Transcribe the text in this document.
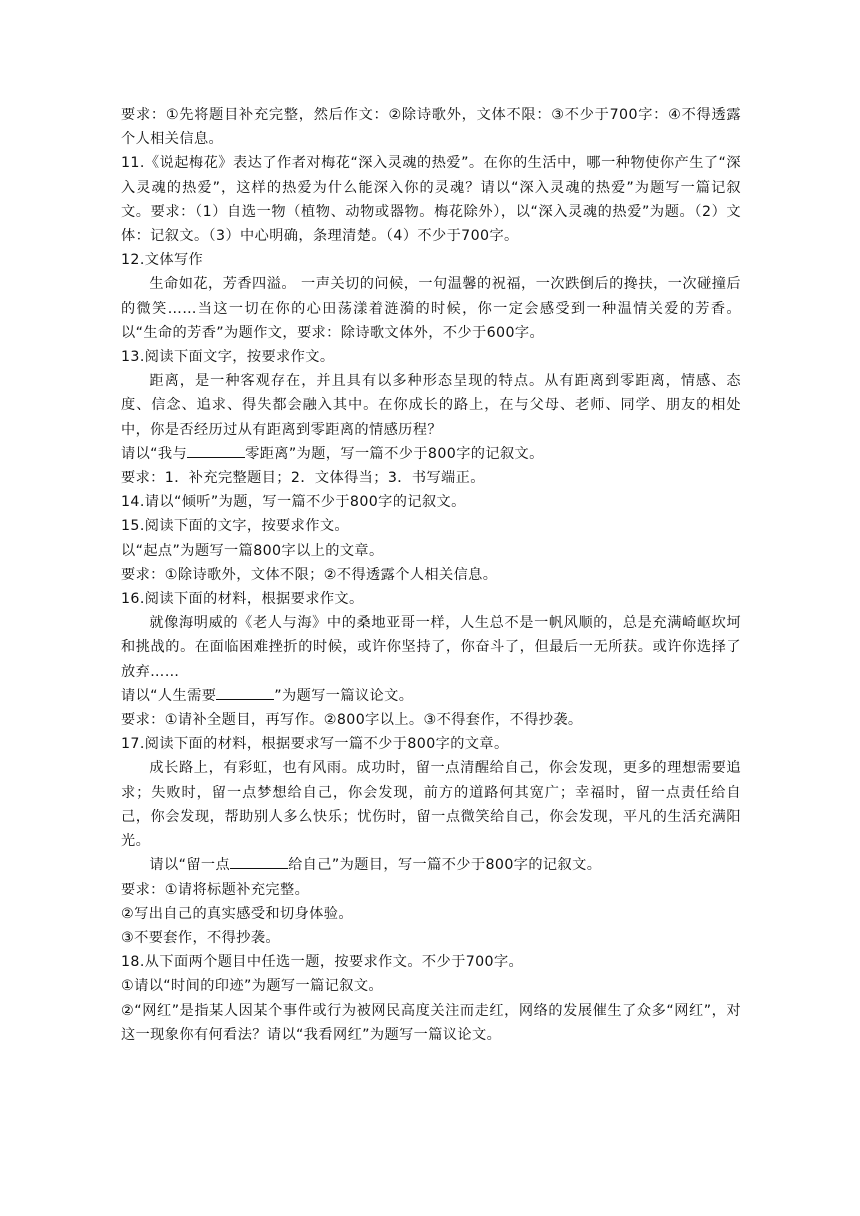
要求：①先将题目补充完整，然后作文：②除诗歌外，文体不限：③不少于700字：④不得透露个人相关信息。

11.《说起梅花》表达了作者对梅花“深入灵魂的热爱”。在你的生活中，哪一种物使你产生了“深入灵魂的热爱”，这样的热爱为什么能深入你的灵魂？请以“深入灵魂的热爱”为题写一篇记叙文。要求：（1）自选一物（植物、动物或器物。梅花除外），以“深入灵魂的热爱”为题。（2）文体：记叙文。（3）中心明确，条理清楚。（4）不少于700字。

12.文体写作

生命如花，芳香四溢。 一声关切的问候，一句温馨的祝福，一次跌倒后的搀扶，一次碰撞后的微笑……当这一切在你的心田荡漾着涟漪的时候，你一定会感受到一种温情关爱的芳香。以“生命的芳香”为题作文，要求：除诗歌文体外，不少于600字。

13.阅读下面文字，按要求作文。

距离，是一种客观存在，并且具有以多种形态呈现的特点。从有距离到零距离，情感、态度、信念、追求、得失都会融入其中。在你成长的路上，在与父母、老师、同学、朋友的相处中，你是否经历过从有距离到零距离的情感历程？

请以“我与	零距离”为题，写一篇不少于800字的记叙文。

要求：1．补充完整题目；2．文体得当；3．书写端正。

14.请以“倾听”为题，写一篇不少于800字的记叙文。

15.阅读下面的文字，按要求作文。

以“起点”为题写一篇800字以上的文章。

要求：①除诗歌外，文体不限；②不得透露个人相关信息。

16.阅读下面的材料，根据要求作文。

就像海明威的《老人与海》中的桑地亚哥一样，人生总不是一帆风顺的，总是充满崎岖坎坷和挑战的。在面临困难挫折的时候，或许你坚持了，你奋斗了，但最后一无所获。或许你选择了放弃……

请以“人生需要	”为题写一篇议论文。

要求：①请补全题目，再写作。②800字以上。③不得套作，不得抄袭。

17.阅读下面的材料，根据要求写一篇不少于800字的文章。

成长路上，有彩虹，也有风雨。成功时，留一点清醒给自己，你会发现，更多的理想需要追求；失败时，留一点梦想给自己，你会发现，前方的道路何其宽广；幸福时，留一点责任给自己，你会发现，帮助别人多么快乐；忧伤时，留一点微笑给自己，你会发现，平凡的生活充满阳光。

请以“留一点	给自己”为题目，写一篇不少于800字的记叙文。

要求：①请将标题补充完整。

②写出自己的真实感受和切身体验。

③不要套作，不得抄袭。

18.从下面两个题目中任选一题，按要求作文。不少于700字。

①请以“时间的印迹”为题写一篇记叙文。

②“网红”是指某人因某个事件或行为被网民高度关注而走红，网络的发展催生了众多“网红”，对这一现象你有何看法？请以“我看网红”为题写一篇议论文。
